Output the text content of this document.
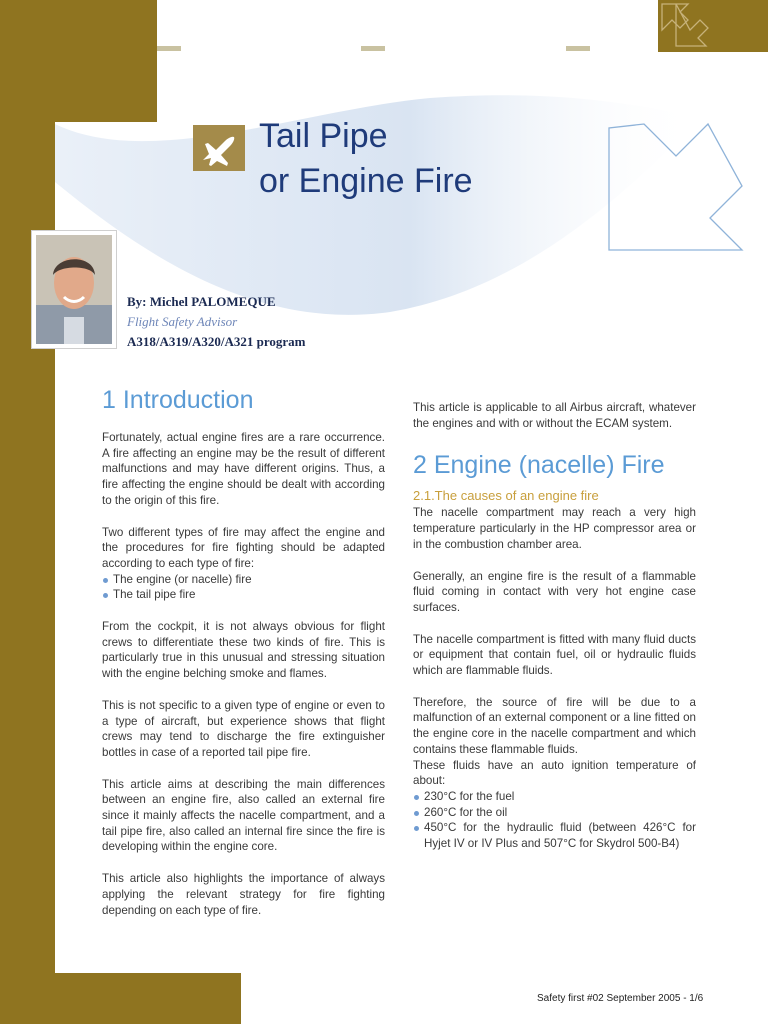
Tail Pipe
or Engine Fire
By: Michel PALOMEQUE
Flight Safety Advisor
A318/A319/A320/A321 program
1 Introduction

Fortunately, actual engine fires are a rare occurrence. A fire affecting an engine may be the result of different malfunctions and may have different origins. Thus, a fire affecting the engine should be dealt with according to the origin of this fire.

Two different types of fire may affect the engine and the procedures for fire fighting should be adapted according to each type of fire:

The engine (or nacelle) fire
The tail pipe fire

From the cockpit, it is not always obvious for flight crews to differentiate these two kinds of fire. This is particularly true in this unusual and stressing situation with the engine belching smoke and flames.

This is not specific to a given type of engine or even to a type of aircraft, but experience shows that flight crews may tend to discharge the fire extinguisher bottles in case of a reported tail pipe fire.

This article aims at describing the main differences between an engine fire, also called an external fire since it mainly affects the nacelle compartment, and a tail pipe fire, also called an internal fire since the fire is developing within the engine core.

This article also highlights the importance of always applying the relevant strategy for fire fighting depending on each type of fire.

This article is applicable to all Airbus aircraft, whatever the engines and with or without the ECAM system.

2 Engine (nacelle) Fire
2.1.The causes of an engine fire

The nacelle compartment may reach a very high temperature particularly in the HP compressor area or in the combustion chamber area.

Generally, an engine fire is the result of a flammable fluid coming in contact with very hot engine case surfaces.

The nacelle compartment is fitted with many fluid ducts or equipment that contain fuel, oil or hydraulic fluids which are flammable fluids.

Therefore, the source of fire will be due to a malfunction of an external component or a line fitted on the engine core in the nacelle compartment and which contains these flammable fluids.

These fluids have an auto ignition temperature of about:

230°C for the fuel
260°C for the oil
450°C for the hydraulic fluid (between 426°C for Hyjet IV or IV Plus and 507°C for Skydrol 500-B4)
Safety first #02 September 2005 - 1/6
